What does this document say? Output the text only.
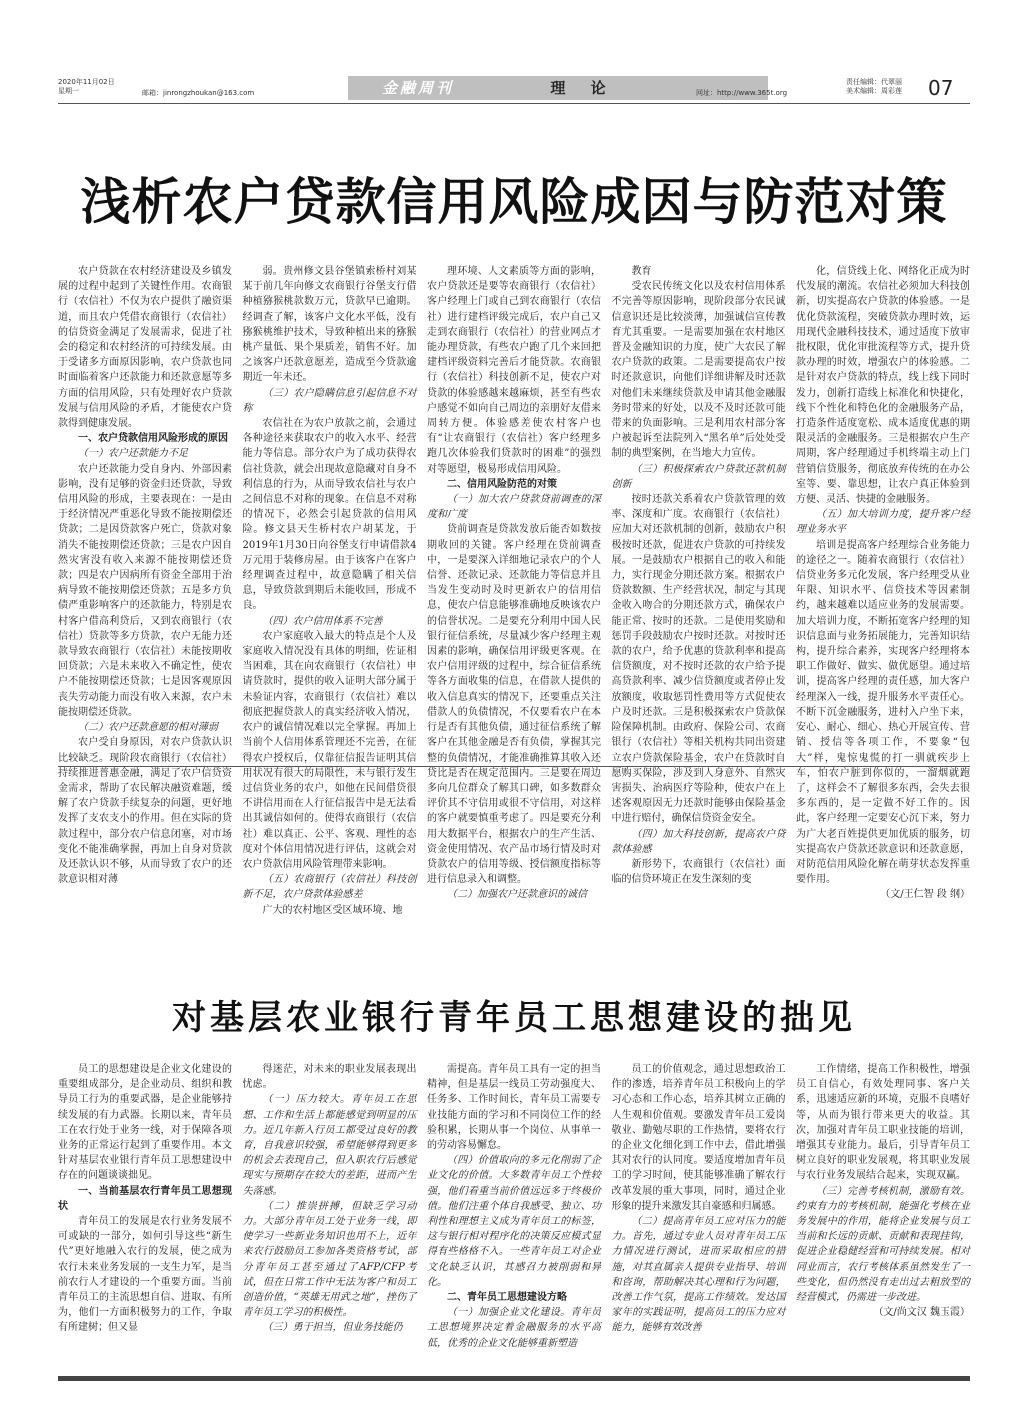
2020年11月02日
星期一	邮箱：jinrongzhoukan@163.com	金融周刊	理 论	网址：http://www.365t.org
责任编辑：代翠丽
美术编辑：周彩莲 07
浅析农户贷款信用风险成因与防范对策

农户贷款在农村经济建设及乡镇发展的过程中起到了关键性作用。农商银行（农信社）不仅为农户提供了融资渠道，而且农户凭借农商银行（农信社）的信贷资金满足了发展需求，促进了社会的稳定和农村经济的可持续发展。由于受诸多方面原因影响，农户贷款也同时面临着客户还款能力和还款意愿等多方面的信用风险，只有处理好农户贷款发展与信用风险的矛盾，才能使农户贷款得到健康发展。

一、农户贷款信用风险形成的原因

（一）农户还款能力不足

农户还款能力受自身内、外部因素影响，没有足够的资金归还贷款，导致信用风险的形成，主要表现在：一是由于经济情况严重恶化导致不能按期偿还贷款；二是因贷款客户死亡，贷款对象消失不能按期偿还贷款；三是农户因自然灾害没有收入来源不能按期偿还贷款；四是农户因病所有资金全部用于治病导致不能按期偿还贷款；五是多方负债严重影响客户的还款能力，特别是农村客户借高利贷后，又到农商银行（农信社）贷款等多方贷款，农户无能力还款导致农商银行（农信社）未能按期收回贷款；六是未来收入不确定性，使农户不能按期偿还贷款；七是因客观原因丧失劳动能力而没有收入来源，农户未能按期偿还贷款。

（二）农户还款意愿的相对薄弱

农户受自身原因，对农户贷款认识比较缺乏。现阶段农商银行（农信社）持续推进普惠金融，满足了农户信贷资金需求，帮助了农民解决融资难题，缓解了农户贷款手续复杂的问题，更好地发挥了支农支小的作用。但在实际的贷款过程中，部分农户信息闭塞，对市场变化不能准确掌握，再加上自身对贷款及还款认识不够，从而导致了农户的还款意识相对薄

弱。贵州修文县谷堡镇索桥村刘某某于前几年向修文农商银行谷堡支行借种植猕猴桃款数万元，贷款早已逾期。经调查了解，该客户文化水平低，没有猕猴桃维护技术，导致种植出来的猕猴桃产量低、果个果质差，销售不好。加之该客户还款意愿差，造成至今贷款逾期近一年未还。

（三）农户隐瞒信息引起信息不对称

农信社在为农户放款之前，会通过各种途径来获取农户的收入水平、经营能力等信息。部分农户为了成功获得农信社贷款，就会出现故意隐藏对自身不利信息的行为，从而导致农信社与农户之间信息不对称的现象。在信息不对称的情况下，必然会引起贷款的信用风险。修文县天生桥村农户胡某龙，于2019年1月30日向谷堡支行申请借款4万元用于装修房屋。由于该客户在客户经理调查过程中，故意隐瞒了相关信息，导致贷款到期后未能收回，形成不良。

（四）农户信用体系不完善

农户家庭收入最大的特点是个人及家庭收入情况没有具体的明细，佐证相当困难，其在向农商银行（农信社）申请贷款时，提供的收入证明大部分属于未验证内容，农商银行（农信社）难以彻底把握贷款人的真实经济收入情况，农户的诚信情况难以完全掌握。再加上当前个人信用体系管理还不完善，在征得农户授权后，仅靠征信报告证明其信用状况有很大的局限性，未与银行发生过信贷业务的农户，如他在民间借贷很不讲信用而在人行征信报告中是无法看出其诚信如何的。使得农商银行（农信社）难以真正、公平、客观、理性的态度对个体信用情况进行评估，这就会对农户贷款信用风险管理带来影响。

（五）农商银行（农信社）科技创新不足，农户贷款体验感差

广大的农村地区受区域环境、地

理环境、人文素质等方面的影响，农户贷款还是要等农商银行（农信社）客户经理上门或自己到农商银行（农信社）进行建档评级完成后，农户自己又走到农商银行（农信社）的营业网点才能办理贷款，有些农户跑了几个来回把建档评级资料完善后才能贷款。农商银行（农信社）科技创新不足，使农户对贷款的体验感越来越麻烦，甚至有些农户感觉不如向自己周边的亲朋好友借来周转方便。体验感差使农村客户也有“让农商银行（农信社）客户经理多跑几次体验我们贷款时的困难”的强烈对等愿望，极易形成信用风险。

二、信用风险防范的对策

（一）加大农户贷款贷前调查的深度和广度

贷前调查是贷款发放后能否如数按期收回的关键。客户经理在贷前调查中，一是要深入详细地记录农户的个人信誉、还款记录、还款能力等信息并且当发生变动时及时更新农户的信用信息，使农户信息能够准确地反映该农户的信誉状况。二是要充分利用中国人民银行征信系统，尽量减少客户经理主观因素的影响，确保信用评级更客观。在农户信用评级的过程中，综合征信系统等各方面收集的信息，在借款人提供的收入信息真实的情况下，还要重点关注借款人的负债情况，不仅要看农户在本行是否有其他负债，通过征信系统了解客户在其他金融是否有负债，掌握其完整的负债情况，才能准确推算其收入还贷比是否在规定范围内。三是要在周边多向几位群众了解其口碑，如多数群众评价其不守信用或很不守信用，对这样的客户就要慎重考虑了。四是要充分利用大数据平台，根据农户的生产生活、资金使用情况、农产品市场行情及时对贷款农户的信用等级、授信额度指标等进行信息录入和调整。

（二）加强农户还款意识的诚信

教育

受农民传统文化以及农村信用体系不完善等原因影响，现阶段部分农民诚信意识还是比较淡薄，加强诚信宣传教育尤其重要。一是需要加强在农村地区普及金融知识的力度，使广大农民了解农户贷款的政策。二是需要提高农户按时还款意识，向他们详细讲解及时还款对他们未来继续贷款及申请其他金融服务时带来的好处，以及不及时还款可能带来的负面影响。三是利用农村部分客户被起诉至法院列入“黑名单”后处处受制的典型案例，在当地大力宣传。

（三）积极探索农户贷款还款机制创新

按时还款关系着农户贷款管理的效率、深度和广度。农商银行（农信社）应加大对还款机制的创新，鼓励农户积极按时还款，促进农户贷款的可持续发展。一是鼓励农户根据自己的收入和能力，实行现金分期还款方案。根据农户贷款数额、生产经营状况，制定与其现金收入吻合的分期还款方式，确保农户能正常、按时的还款。二是使用奖励和惩罚手段鼓励农户按时还款。对按时还款的农户，给予优惠的贷款利率和提高信贷额度，对不按时还款的农户给予提高贷款利率、减少信贷额度或者停止发放额度，收取惩罚性费用等方式促使农户及时还款。三是积极探索农户贷款保险保障机制。由政府、保险公司、农商银行（农信社）等相关机构共同出资建立农户贷款保险基金，农户在贷款时自愿购买保险，涉及到人身意外、自然灾害损失、治病医疗等险种，使农户在上述客观原因无力还款时能够由保险基金中进行赔付，确保信贷资金安全。

（四）加大科技创新，提高农户贷款体验感

新形势下，农商银行（农信社）面临的信贷环境正在发生深刻的变

化，信贷线上化、网络化正成为时代发展的潮流。农信社必须加大科技创新，切实提高农户贷款的体验感。一是优化贷款流程，突破贷款办理时效，运用现代金融科技技术，通过适度下放审批权限，优化审批流程等方式，提升贷款办理的时效，增强农户的体验感。二是针对农户贷款的特点，线上线下同时发力，创新打造线上标准化和快捷化，线下个性化和特色化的金融服务产品，打造条件适度宽松、成本适度优惠的期限灵活的金融服务。三是根据农户生产周期，客户经理通过手机终端主动上门营销信贷服务，彻底放弃传统的在办公室等、要、靠思想，让农户真正体验到方便、灵活、快捷的金融服务。

（五）加大培训力度，提升客户经理业务水平

培训是提高客户经理综合业务能力的途径之一。随着农商银行（农信社）信贷业务多元化发展，客户经理受从业年限、知识水平、信贷技术等因素制约，越来越难以适应业务的发展需要。加大培训力度，不断拓宽客户经理的知识信息面与业务拓展能力，完善知识结构，提升综合素养，实现客户经理将本职工作做好、做实、做优愿望。通过培训，提高客户经理的责任感，加大客户经理深入一线，提升服务水平责任心。不断下沉金融服务，进村入户坐下来，安心、耐心、细心、热心开展宣传、营销、授信等各项工作，不要象“包大”样，鬼惊鬼慌的打一驯就疾步上车，怕农户脏到你似的，一溜烟就跑了，这样会不了解很多东西，会失去很多东西的，是一定做不好工作的。因此，客户经理一定要安心沉下来，努力为广大老百姓提供更加优质的服务，切实提高农户贷款还款意识和还款意愿，对防范信用风险化解在萌芽状态发挥重要作用。

（文/王仁智 段 纲）

对基层农业银行青年员工思想建设的拙见

员工的思想建设是企业文化建设的重要组成部分，是企业动员、组织和教导员工行为的重要武器，是企业能够持续发展的有力武器。长期以来，青年员工在农行处于业务一线，对于保障各项业务的正常运行起到了重要作用。本文针对基层农业银行青年员工思想建设中存在的问题谈谈拙见。

一、当前基层农行青年员工思想现状

青年员工的发展是农行业务发展不可或缺的一部分，如何引导这些“新生代”更好地融入农行的发展，使之成为农行未来业务发展的一支生力军，是当前农行人才建设的一个重要方面。当前青年员工的主流思想自信、进取、有所为，他们一方面积极努力的工作，争取有所建树；但又显

得迷茫，对未来的职业发展表现出忧虑。

（一）压力较大。青年员工在思想、工作和生活上都能感觉到明显的压力。近几年新入行员工都受过良好的教育，自我意识较强，希望能够得到更多的机会去表现自己，但入职农行后感觉现实与预期存在较大的差距，进而产生失落感。

（二）推崇拼搏，但缺乏学习动力。大部分青年员工处于业务一线，即使学习一些新业务知识也用不上，近年来农行鼓励员工参加各类资格考试，部分青年员工甚至通过了AFP/CFP考试，但在日常工作中无法为客户和员工创造价值，“英雄无用武之地”，挫伤了青年员工学习的积极性。

（三）勇于担当，但业务技能仍

需提高。青年员工具有一定的担当精神，但是基层一线员工劳动强度大、任务多、工作时间长，青年员工需要专业技能方面的学习和不同岗位工作的经验积累，长期从事一个岗位、从事单一的劳动容易懈怠。

（四）价值取向的多元化削弱了企业文化的价值。大多数青年员工个性较强，他们看重当前价值远远多于终极价值。他们注重个体自我感受、独立、功利性和理想主义成为青年员工的标签，这与银行相对程序化的决策反应模式显得有些格格不入。一些青年员工对企业文化缺乏认识，其感召力被削弱和异化。

二、青年员工思想建设方略

（一）加强企业文化建设。青年员工思想境界决定着金融服务的水平高低，优秀的企业文化能够重新塑造

员工的价值观念，通过思想政治工作的渗透，培养青年员工积极向上的学习心态和工作心态，培养其树立正确的人生观和价值观。要激发青年员工爱岗敬业、勤勉尽职的工作热情，要将农行的企业文化细化到工作中去，借此增强其对农行的认同度。要适度增加青年员工的学习时间，使其能够准确了解农行改革发展的重大事项，同时，通过企业形象的提升来激发其自豪感和归属感。

（二）提高青年员工应对压力的能力。首先，通过专业人员对青年员工压力情况进行测试，进而采取相应的措施，对其直属亲人提供专业指导、培训和咨询，帮助解决其心理和行为问题，改善工作气氛，提高工作绩效。发达国家年的实践证明，提高员工的压力应对能力，能够有效改善

工作情绪，提高工作积极性，增强员工自信心，有效处理同事、客户关系，迅速适应新的环境，克服不良嗜好等，从而为银行带来更大的收益。其次，加强对青年员工职业技能的培训，增强其专业能力。最后，引导青年员工树立良好的职业发展观，将其职业发展与农行业务发展结合起来，实现双赢。

（三）完善考核机制，激励有效。约束有力的考核机制，能强化考核在业务发展中的作用，能将企业发展与员工当前和长远的贡献、贡献和表现挂钩，促进企业稳健经营和可持续发展。相对同业而言，农行考核体系虽然发生了一些变化，但仍然没有走出过去粗放型的经营模式，仍需进一步改进。

（文/尚文汉 魏玉霞）
